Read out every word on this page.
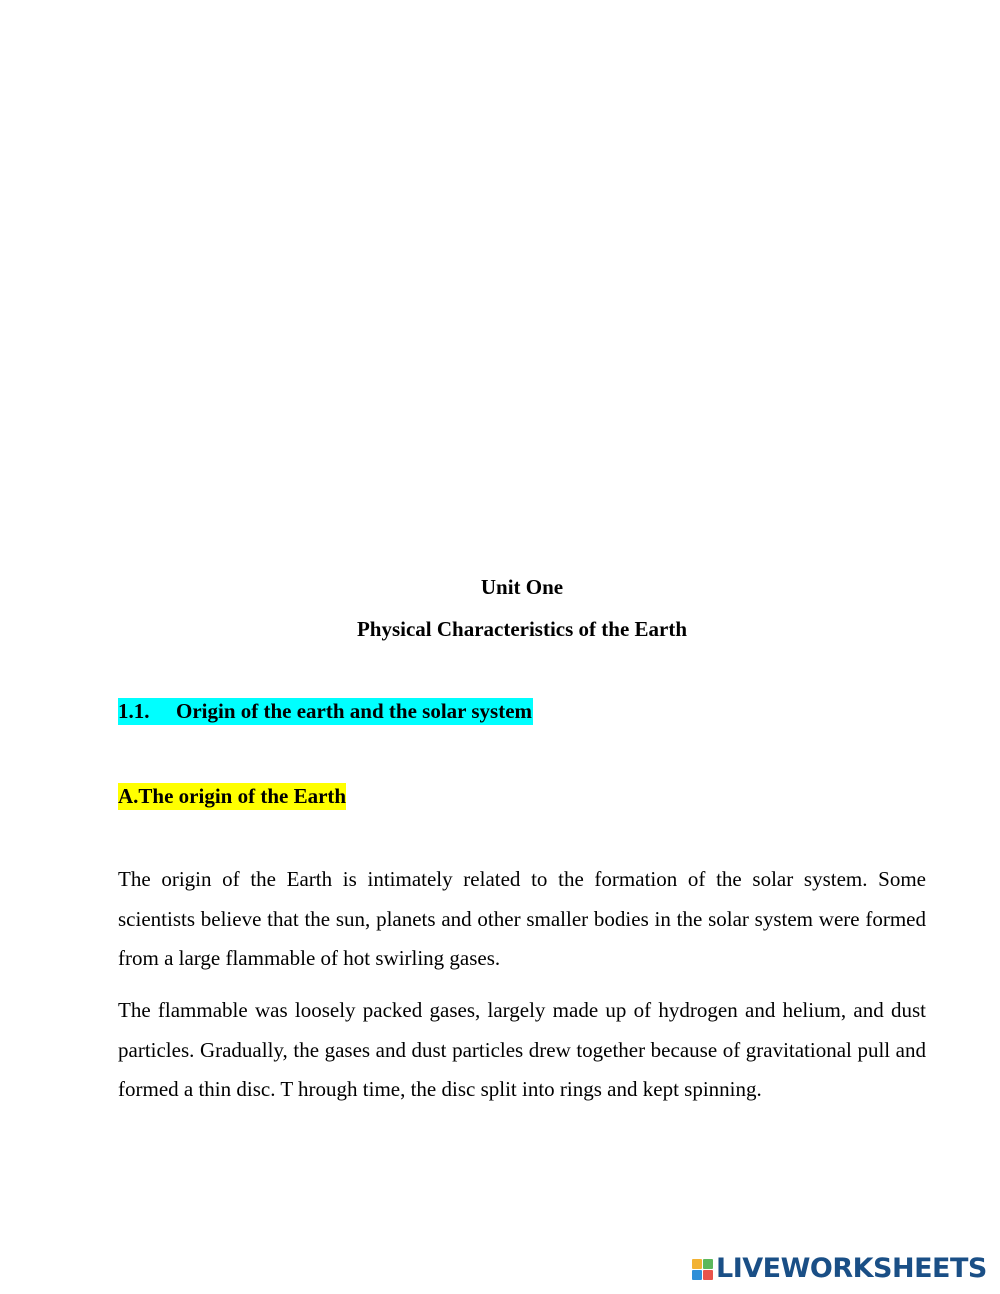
Unit One
Physical Characteristics of the Earth
1.1. Origin of the earth and the solar system
A.The origin of the Earth

The origin of the Earth is intimately related to the formation of the solar system. Some scientists believe that the sun, planets and other smaller bodies in the solar system were formed from a large flammable of hot swirling gases.

The flammable was loosely packed gases, largely made up of hydrogen and helium, and dust particles. Gradually, the gases and dust particles drew together because of gravitational pull and formed a thin disc. T hrough time, the disc split into rings and kept spinning.

LIVEWORKSHEETS
